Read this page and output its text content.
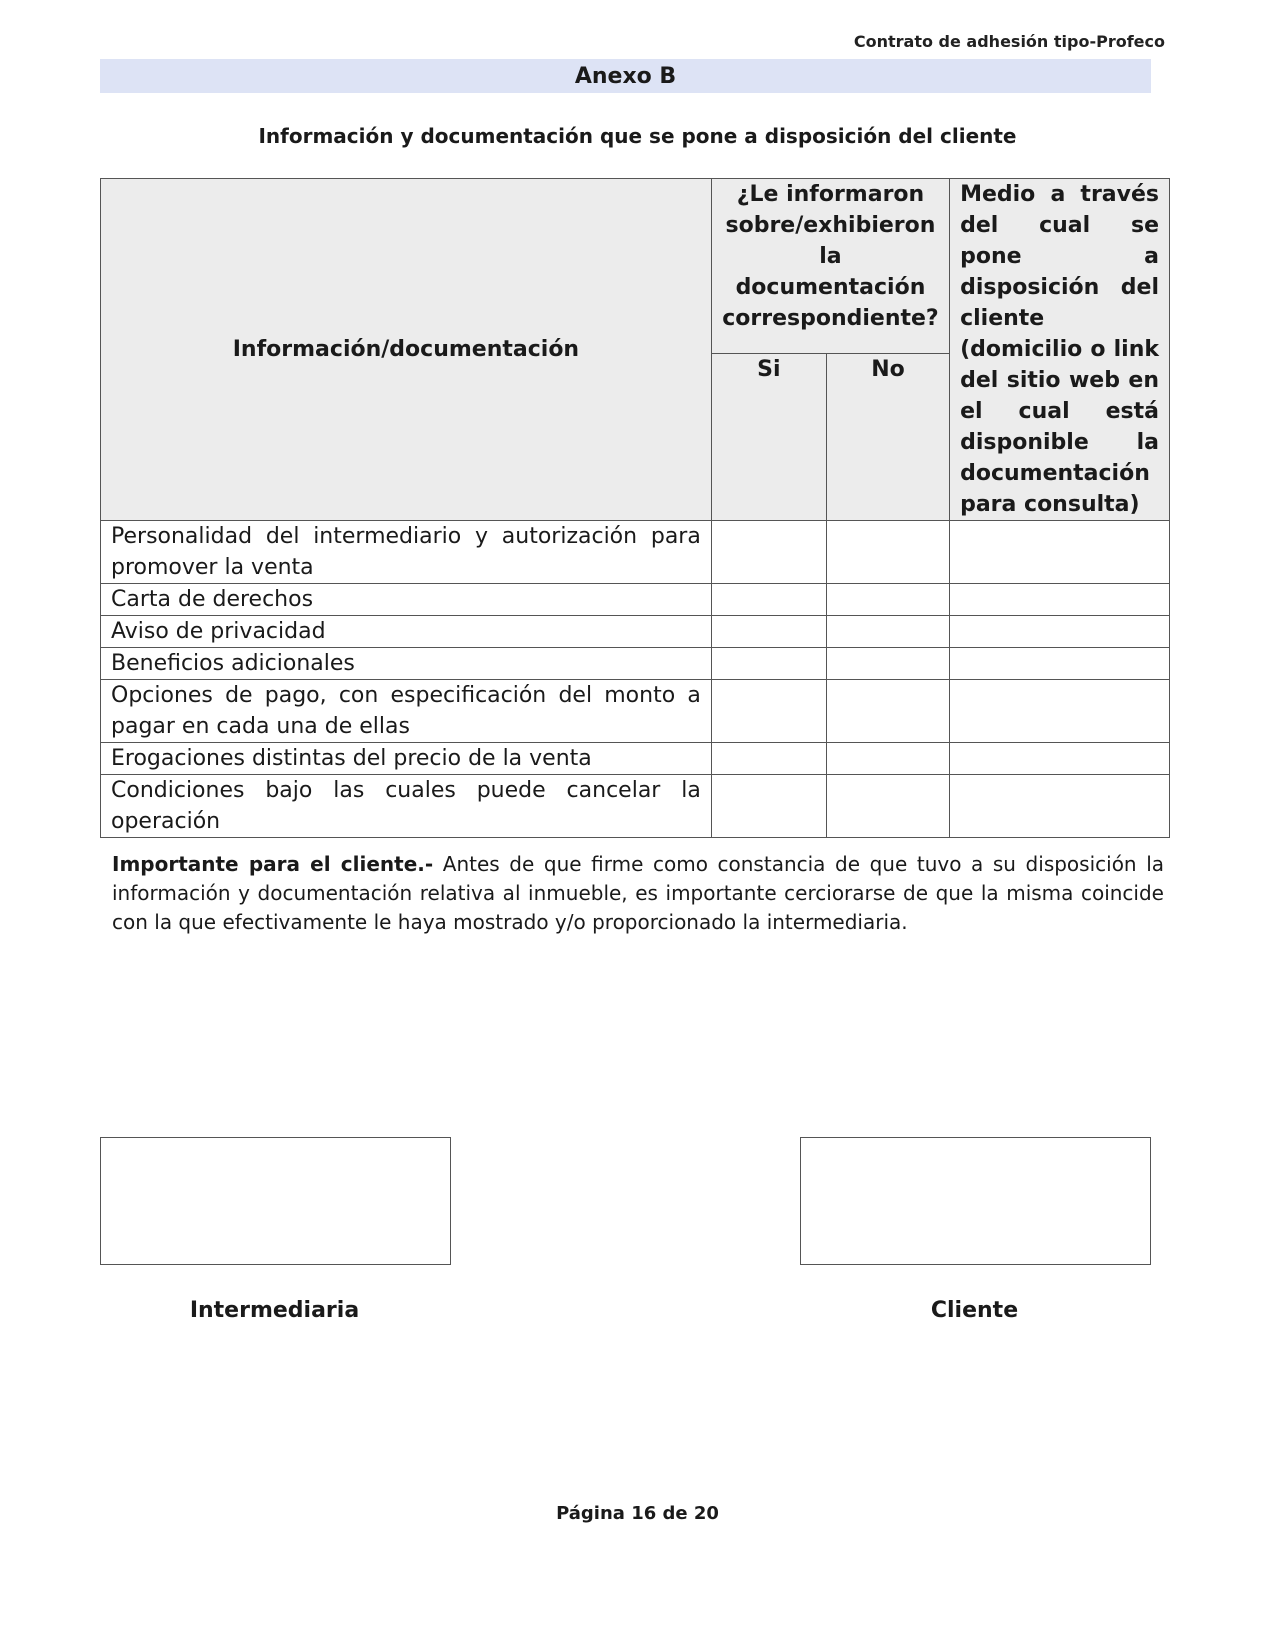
Contrato de adhesión tipo-Profeco
Anexo B
Información y documentación que se pone a disposición del cliente
Información/documentación	¿Le informaron sobre/exhibieron la documentación correspondiente?		Medio a través del cual se pone a disposición del cliente (domicilio o link del sitio web en el cual está disponible la documentación para consulta)
	Si	No	
Personalidad del intermediario y autorización para promover la venta			
Carta de derechos			
Aviso de privacidad			
Beneficios adicionales			
Opciones de pago, con especificación del monto a pagar en cada una de ellas			
Erogaciones distintas del precio de la venta			
Condiciones bajo las cuales puede cancelar la operación			
Importante para el cliente.- Antes de que firme como constancia de que tuvo a su disposición la información y documentación relativa al inmueble, es importante cerciorarse de que la misma coincide con la que efectivamente le haya mostrado y/o proporcionado la intermediaria.
Intermediaria	Cliente
Página 16 de 20
